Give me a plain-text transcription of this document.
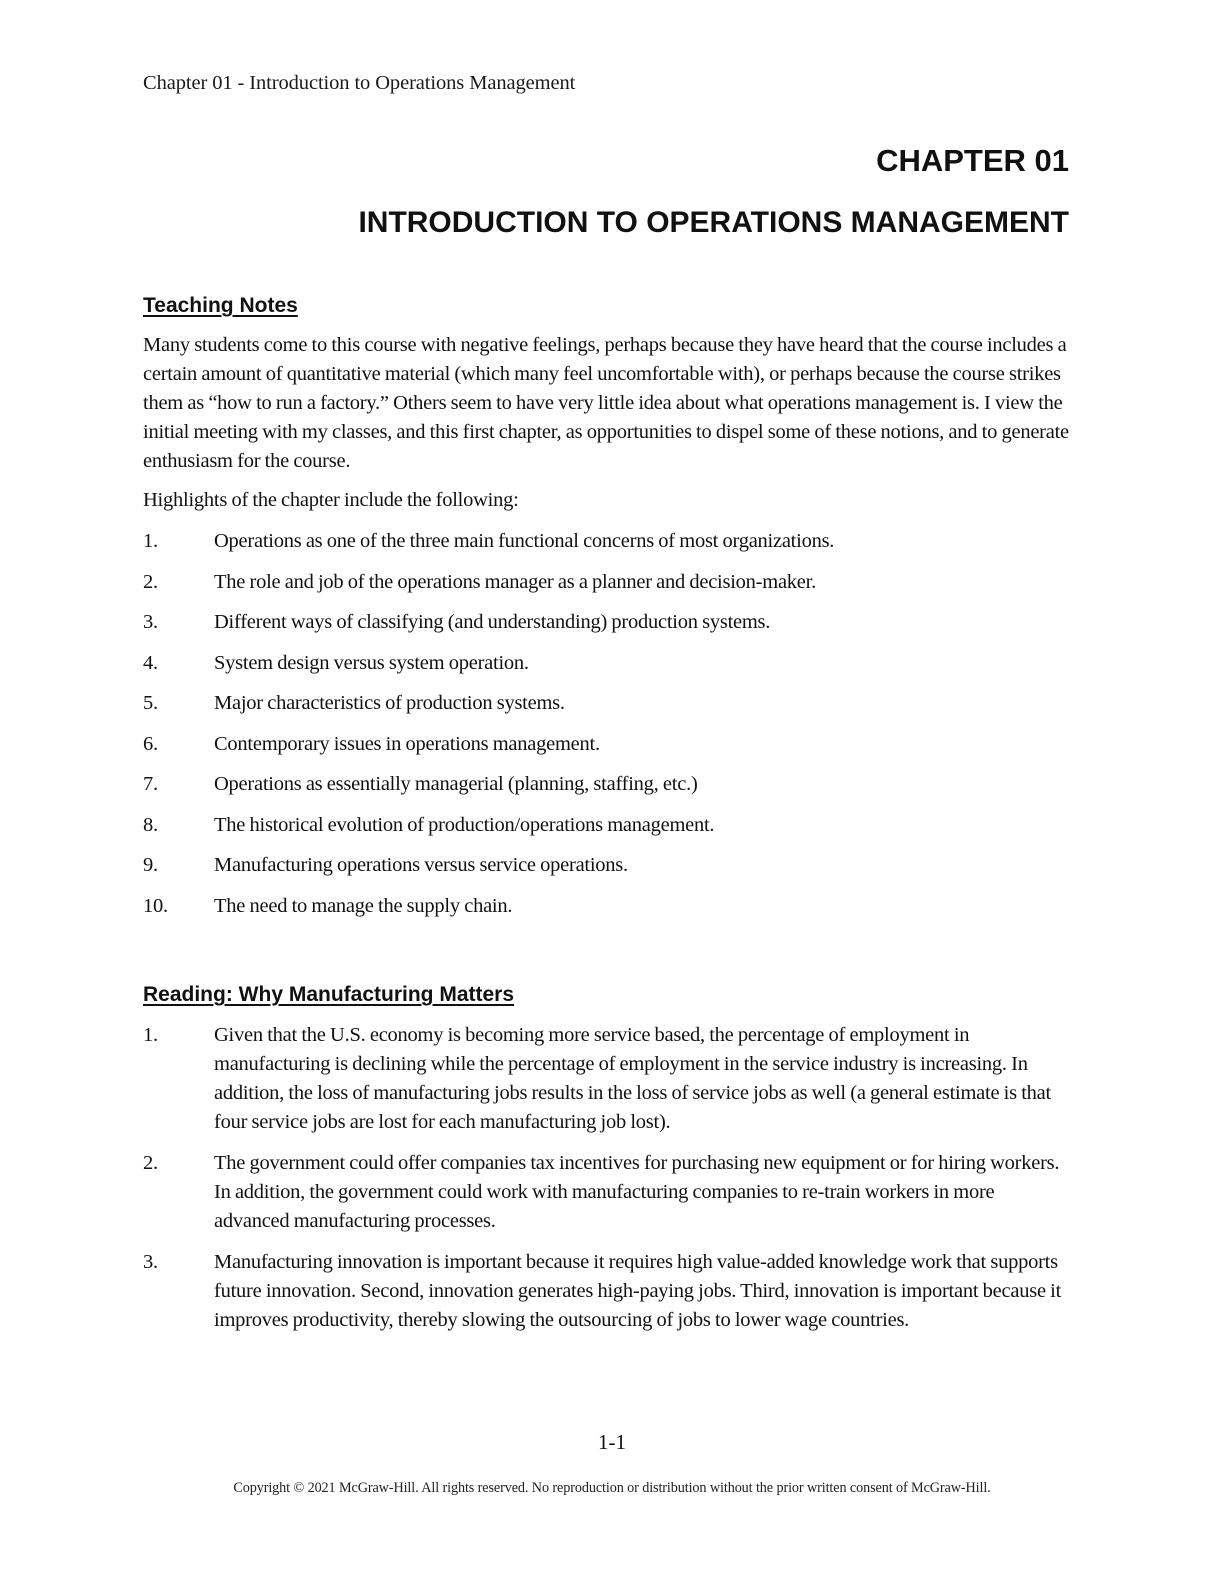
Chapter 01 - Introduction to Operations Management
CHAPTER 01
INTRODUCTION TO OPERATIONS MANAGEMENT
Teaching Notes

Many students come to this course with negative feelings, perhaps because they have heard that the course includes a certain amount of quantitative material (which many feel uncomfortable with), or perhaps because the course strikes them as “how to run a factory.” Others seem to have very little idea about what operations management is. I view the initial meeting with my classes, and this first chapter, as opportunities to dispel some of these notions, and to generate enthusiasm for the course.

Highlights of the chapter include the following:

1.	Operations as one of the three main functional concerns of most organizations.
2.	The role and job of the operations manager as a planner and decision-maker.
3.	Different ways of classifying (and understanding) production systems.
4.	System design versus system operation.
5.	Major characteristics of production systems.
6.	Contemporary issues in operations management.
7.	Operations as essentially managerial (planning, staffing, etc.)
8.	The historical evolution of production/operations management.
9.	Manufacturing operations versus service operations.
10.	The need to manage the supply chain.
Reading: Why Manufacturing Matters
1.	Given that the U.S. economy is becoming more service based, the percentage of employment in manufacturing is declining while the percentage of employment in the service industry is increasing. In addition, the loss of manufacturing jobs results in the loss of service jobs as well (a general estimate is that four service jobs are lost for each manufacturing job lost).
2.	The government could offer companies tax incentives for purchasing new equipment or for hiring workers. In addition, the government could work with manufacturing companies to re-train workers in more advanced manufacturing processes.
3.	Manufacturing innovation is important because it requires high value-added knowledge work that supports future innovation. Second, innovation generates high-paying jobs. Third, innovation is important because it improves productivity, thereby slowing the outsourcing of jobs to lower wage countries.
1-1
Copyright © 2021 McGraw-Hill. All rights reserved. No reproduction or distribution without the prior written consent of McGraw-Hill.
